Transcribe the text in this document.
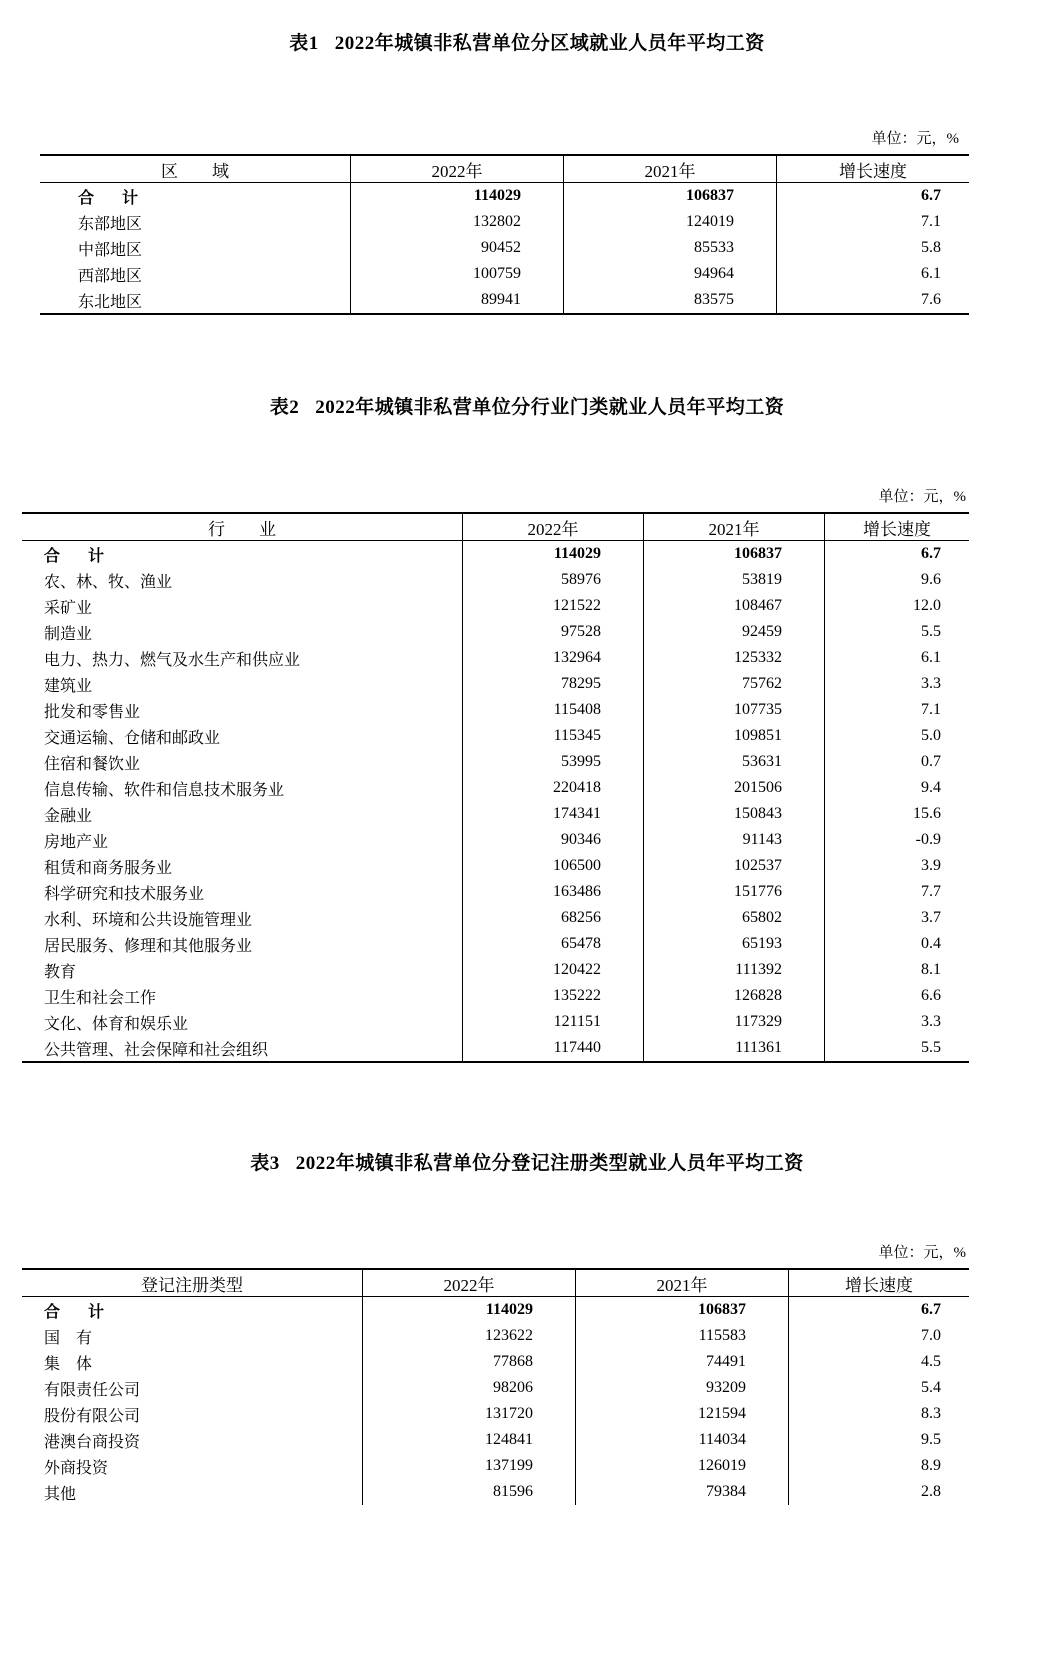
表1 2022年城镇非私营单位分区域就业人员年平均工资
单位：元，%
区　　域	2022年	2021年	增长速度
合　计	114029	106837	6.7
东部地区	132802	124019	7.1
中部地区	90452	85533	5.8
西部地区	100759	94964	6.1
东北地区	89941	83575	7.6
表2 2022年城镇非私营单位分行业门类就业人员年平均工资
单位：元，%
行　　业	2022年	2021年	增长速度
合　计	114029	106837	6.7
农、林、牧、渔业	58976	53819	9.6
采矿业	121522	108467	12.0
制造业	97528	92459	5.5
电力、热力、燃气及水生产和供应业	132964	125332	6.1
建筑业	78295	75762	3.3
批发和零售业	115408	107735	7.1
交通运输、仓储和邮政业	115345	109851	5.0
住宿和餐饮业	53995	53631	0.7
信息传输、软件和信息技术服务业	220418	201506	9.4
金融业	174341	150843	15.6
房地产业	90346	91143	-0.9
租赁和商务服务业	106500	102537	3.9
科学研究和技术服务业	163486	151776	7.7
水利、环境和公共设施管理业	68256	65802	3.7
居民服务、修理和其他服务业	65478	65193	0.4
教育	120422	111392	8.1
卫生和社会工作	135222	126828	6.6
文化、体育和娱乐业	121151	117329	3.3
公共管理、社会保障和社会组织	117440	111361	5.5
表3 2022年城镇非私营单位分登记注册类型就业人员年平均工资
单位：元，%
登记注册类型	2022年	2021年	增长速度
合　计	114029	106837	6.7
国　有	123622	115583	7.0
集　体	77868	74491	4.5
有限责任公司	98206	93209	5.4
股份有限公司	131720	121594	8.3
港澳台商投资	124841	114034	9.5
外商投资	137199	126019	8.9
其他	81596	79384	2.8
